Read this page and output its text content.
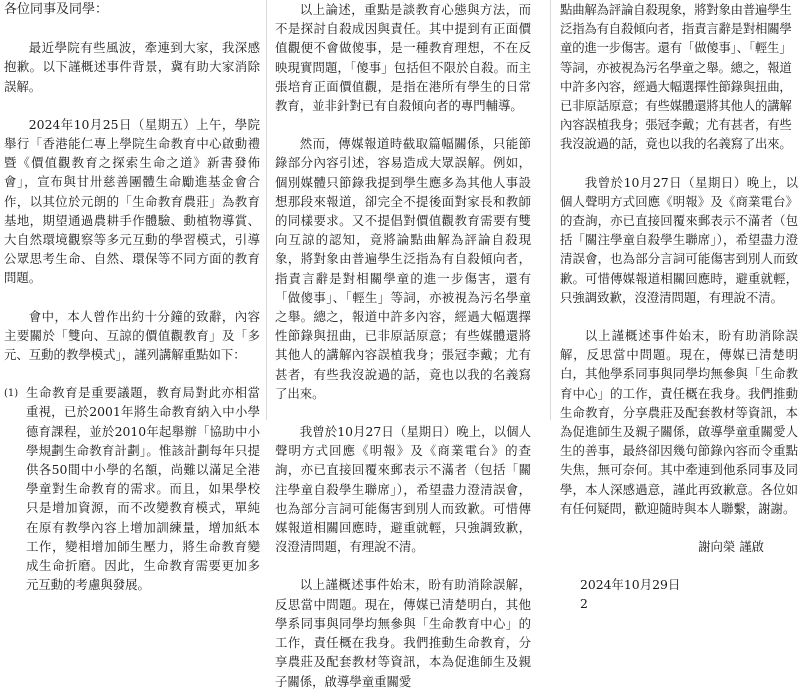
各位同事及同學：

最近學院有些風波，牽連到大家，我深感抱歉。以下謹概述事件背景，冀有助大家消除誤解。

2024年10月25日（星期五）上午，學院舉行「香港能仁專上學院生命教育中心啟動禮暨《價值觀教育之探索生命之道》新書發佈會」，宣布與甘卅慈善團體生命勵進基金會合作，以其位於元朗的「生命教育農莊」為教育基地，期望通過農耕手作體驗、動植物導賞、大自然環境觀察等多元互動的學習模式，引導公眾思考生命、自然、環保等不同方面的教育問題。

會中，本人曾作出約十分鐘的致辭，內容主要關於「雙向、互諒的價值觀教育」及「多元、互動的教學模式」，謹列講解重點如下：

(1) 生命教育是重要議題，教育局對此亦相當重視，已於2001年將生命教育納入中小學德育課程，並於2010年起舉辦「協助中小學規劃生命教育計劃」。惟該計劃每年只提供各50間中小學的名額，尚難以滿足全港學童對生命教育的需求。而且，如果學校只是增加資源，而不改變教育模式，單純在原有教學內容上增加訓練量，增加紙本工作，變相增加師生壓力，將生命教育變成生命折磨。因此，生命教育需要更加多元互動的考慮與發展。

以上論述，重點是談教育心態與方法，而不是探討自殺成因與責任。其中提到有正面價值觀便不會做傻事，是一種教育理想，不在反映現實問題，「傻事」包括但不限於自殺。而主張培育正面價值觀，是指在港所有學生的日常教育，並非針對已有自殺傾向者的專門輔導。

然而，傳媒報道時截取篇幅關係，只能節錄部分內容引述，容易造成大眾誤解。例如，個別媒體只節錄我提到學生應多為其他人事設想那段來報道，卻完全不提後面對家長和教師的同樣要求。又不提倡對價值觀教育需要有雙向互諒的認知，竟將論點曲解為評論自殺現象，將對象由普遍學生泛指為有自殺傾向者，指責言辭是對相關學童的進一步傷害，還有「做傻事」、「輕生」等詞，亦被視為污名學童之舉。總之，報道中許多內容，經過大幅選擇性節錄與扭曲，已非原話原意；有些媒體還將其他人的講解內容誤植我身；張冠李戴；尤有甚者，有些我沒說過的話，竟也以我的名義寫了出來。

我曾於10月27日（星期日）晚上，以個人聲明方式回應《明報》及《商業電台》的查詢，亦已直接回覆來郵表示不滿者（包括「關注學童自殺學生聯席」），希望盡力澄清誤會，也為部分言詞可能傷害到別人而致歉。可惜傳媒報道相關回應時，避重就輕，只強調致歉，沒澄清問題，有理說不清。

以上謹概述事件始末，盼有助消除誤解，反思當中問題。現在，傳媒已清楚明白，其他學系同事與同學均無參與「生命教育中心」的工作，責任概在我身。我們推動生命教育，分享農莊及配套教材等資訊，本為促進師生及親子關係，啟導學童重關愛

點曲解為評論自殺現象，將對象由普遍學生泛指為有自殺傾向者，指責言辭是對相關學童的進一步傷害。還有「做傻事」、「輕生」等詞，亦被視為污名學童之舉。總之，報道中許多內容，經過大幅選擇性節錄與扭曲，已非原話原意；有些媒體還將其他人的講解內容誤植我身；張冠李戴；尤有甚者，有些我沒說過的話，竟也以我的名義寫了出來。

我曾於10月27日（星期日）晚上，以個人聲明方式回應《明報》及《商業電台》的查詢，亦已直接回覆來郵表示不滿者（包括「關注學童自殺學生聯席」），希望盡力澄清誤會，也為部分言詞可能傷害到別人而致歉。可惜傳媒報道相關回應時，避重就輕，只強調致歉，沒澄清問題，有理說不清。

以上謹概述事件始末，盼有助消除誤解，反思當中問題。現在，傳媒已清楚明白，其他學系同事與同學均無參與「生命教育中心」的工作，責任概在我身。我們推動生命教育，分享農莊及配套教材等資訊，本為促進師生及親子關係，啟導學童重關愛人生的善事，最終卻因幾句節錄內容而令重點失焦，無可奈何。其中牽連到他系同事及同學，本人深感過意，謹此再致歉意。各位如有任何疑問，歡迎隨時與本人聯繫，謝謝。

謝向榮 謹啟

2024年10月29日

2
